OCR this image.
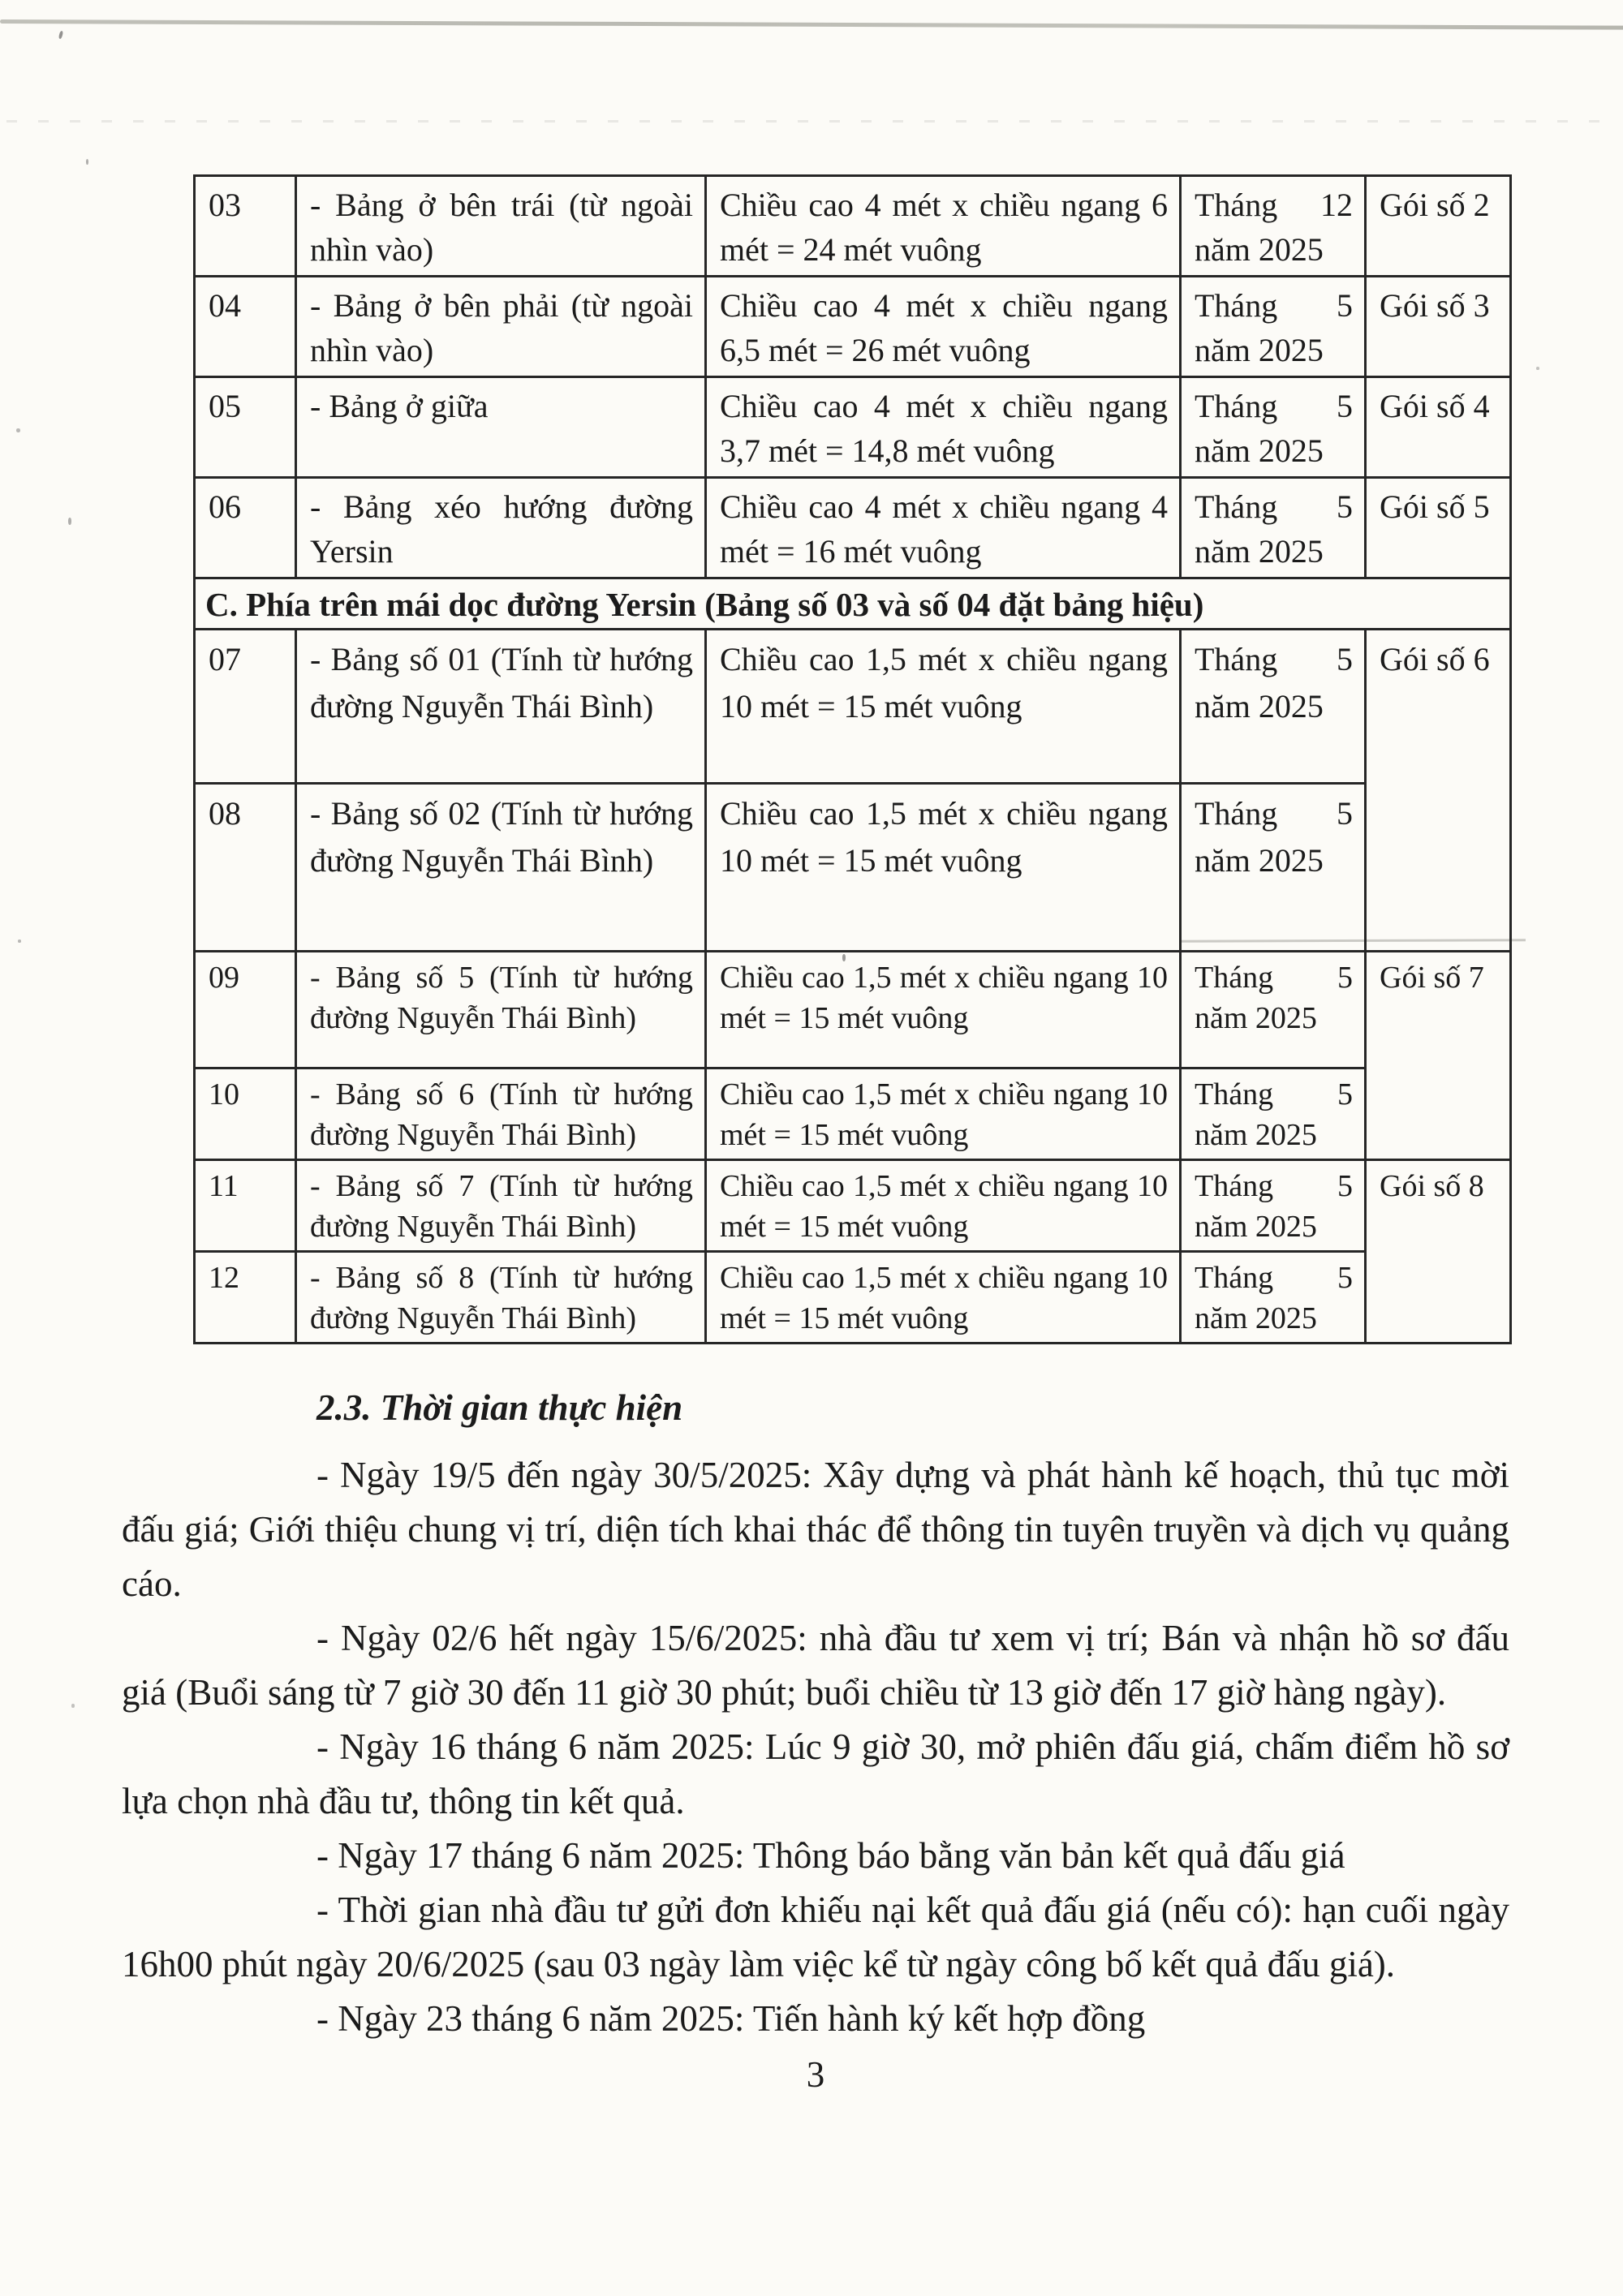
03	- Bảng ở bên trái (từ ngoài nhìn vào)	Chiều cao 4 mét x chiều ngang 6 mét = 24 mét vuông	Tháng 12 năm 2025	Gói số 2
04	- Bảng ở bên phải (từ ngoài nhìn vào)	Chiều cao 4 mét x chiều ngang 6,5 mét = 26 mét vuông	Tháng 5 năm 2025	Gói số 3
05	- Bảng ở giữa	Chiều cao 4 mét x chiều ngang 3,7 mét = 14,8 mét vuông	Tháng 5 năm 2025	Gói số 4
06	- Bảng xéo hướng đường Yersin	Chiều cao 4 mét x chiều ngang 4 mét = 16 mét vuông	Tháng 5 năm 2025	Gói số 5
C. Phía trên mái dọc đường Yersin (Bảng số 03 và số 04 đặt bảng hiệu)				
07	- Bảng số 01 (Tính từ hướng đường Nguyễn Thái Bình)	Chiều cao 1,5 mét x chiều ngang 10 mét = 15 mét vuông	Tháng 5 năm 2025	Gói số 6
08	- Bảng số 02 (Tính từ hướng đường Nguyễn Thái Bình)	Chiều cao 1,5 mét x chiều ngang 10 mét = 15 mét vuông	Tháng 5 năm 2025	
09	- Bảng số 5 (Tính từ hướng đường Nguyễn Thái Bình)	Chiều cao 1,5 mét x chiều ngang 10 mét = 15 mét vuông	Tháng 5 năm 2025	Gói số 7
10	- Bảng số 6 (Tính từ hướng đường Nguyễn Thái Bình)	Chiều cao 1,5 mét x chiều ngang 10 mét = 15 mét vuông	Tháng 5 năm 2025	
11	- Bảng số 7 (Tính từ hướng đường Nguyễn Thái Bình)	Chiều cao 1,5 mét x chiều ngang 10 mét = 15 mét vuông	Tháng 5 năm 2025	Gói số 8
12	- Bảng số 8 (Tính từ hướng đường Nguyễn Thái Bình)	Chiều cao 1,5 mét x chiều ngang 10 mét = 15 mét vuông	Tháng 5 năm 2025	

2.3. Thời gian thực hiện

- Ngày 19/5 đến ngày 30/5/2025: Xây dựng và phát hành kế hoạch, thủ tục mời đấu giá; Giới thiệu chung vị trí, diện tích khai thác để thông tin tuyên truyền và dịch vụ quảng cáo.

- Ngày 02/6 hết ngày 15/6/2025: nhà đầu tư xem vị trí; Bán và nhận hồ sơ đấu giá (Buổi sáng từ 7 giờ 30 đến 11 giờ 30 phút; buổi chiều từ 13 giờ đến 17 giờ hàng ngày).

- Ngày 16 tháng 6 năm 2025: Lúc 9 giờ 30, mở phiên đấu giá, chấm điểm hồ sơ lựa chọn nhà đầu tư, thông tin kết quả.

- Ngày 17 tháng 6 năm 2025: Thông báo bằng văn bản kết quả đấu giá

- Thời gian nhà đầu tư gửi đơn khiếu nại kết quả đấu giá (nếu có): hạn cuối ngày 16h00 phút ngày 20/6/2025 (sau 03 ngày làm việc kể từ ngày công bố kết quả đấu giá).

- Ngày 23 tháng 6 năm 2025: Tiến hành ký kết hợp đồng

3
